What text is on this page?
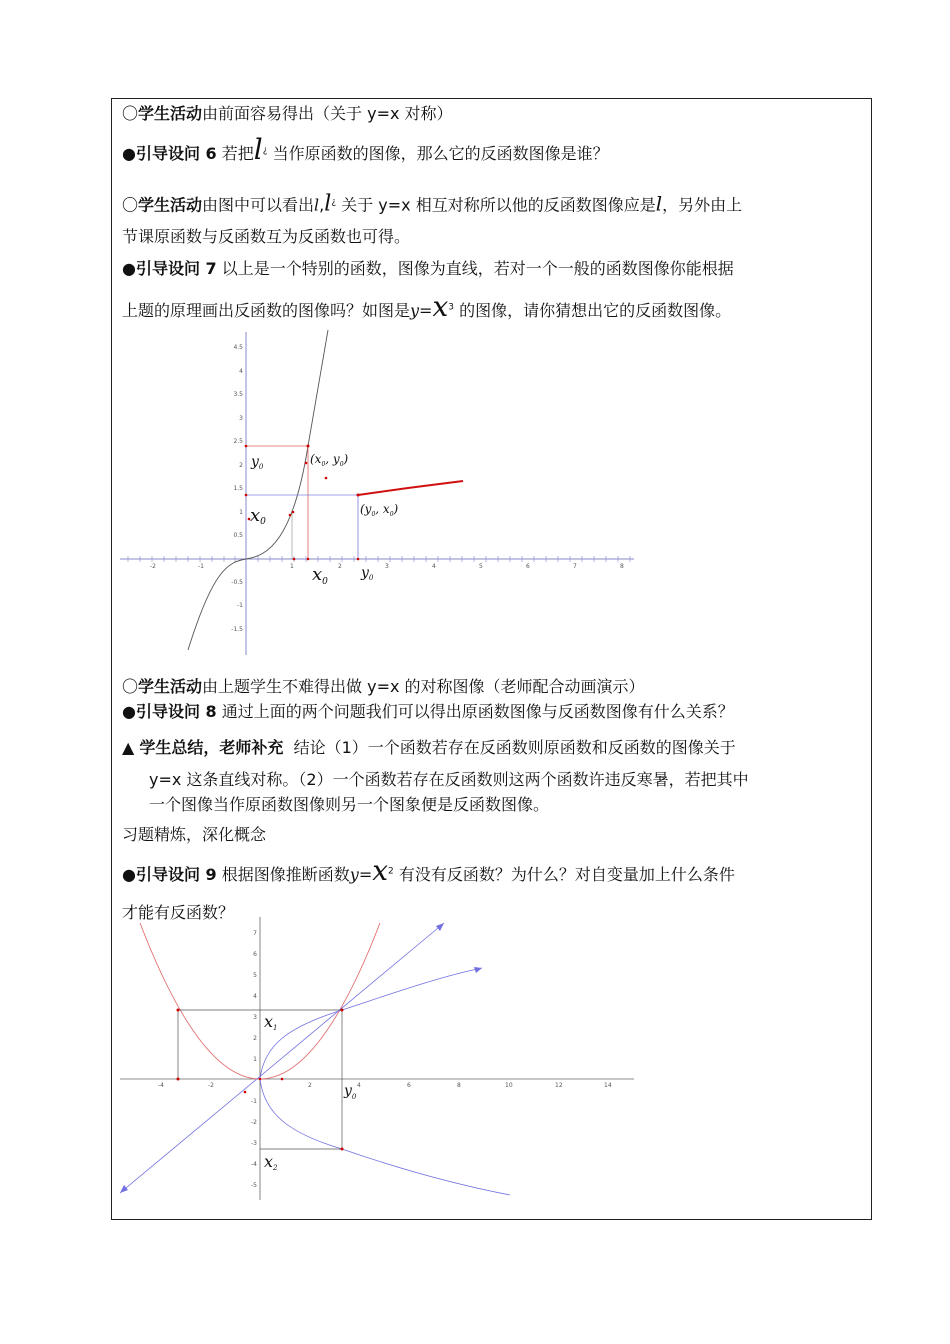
〇学生活动由前面容易得出（关于 y=x 对称）
●引导设问 6 若把l¿ 当作原函数的图像，那么它的反函数图像是谁？
〇学生活动由图中可以看出l,l¿ 关于 y=x 相互对称所以他的反函数图像应是l，另外由上
节课原函数与反函数互为反函数也可得。
●引导设问 7 以上是一个特别的函数，图像为直线，若对一个一般的函数图像你能根据
上题的原理画出反函数的图像吗？如图是$y=x^3$ 的图像，请你猜想出它的反函数图像。
-2	-1	1	2	3	4	5	6	7	8
4.5
4
3.5
3
2.5
2
1.5
1
0.5
-0.5
-1
-1.5
$y_0$
($x_0$, $y_0$)
x0
($y_0$, $x_0$)
$x_0$
$y_0$
〇学生活动由上题学生不难得出做 y=x 的对称图像（老师配合动画演示）
●引导设问 8 通过上面的两个问题我们可以得出原函数图像与反函数图像有什么关系？
▲ 学生总结，老师补充 结论（1）一个函数若存在反函数则原函数和反函数的图像关于
y=x 这条直线对称。（2）一个函数若存在反函数则这两个函数许违反寒暑，若把其中
一个图像当作原函数图像则另一个图象便是反函数图像。
习题精炼，深化概念
●引导设问 9 根据图像推断函数$y=x^2$ 有没有反函数？为什么？对自变量加上什么条件
才能有反函数？
-4	-2	2	4	6	8	10	12	14
7
6
5
4
3
2
1
-1
-2
-3
-4
-5
x1
$y_0$
x2
